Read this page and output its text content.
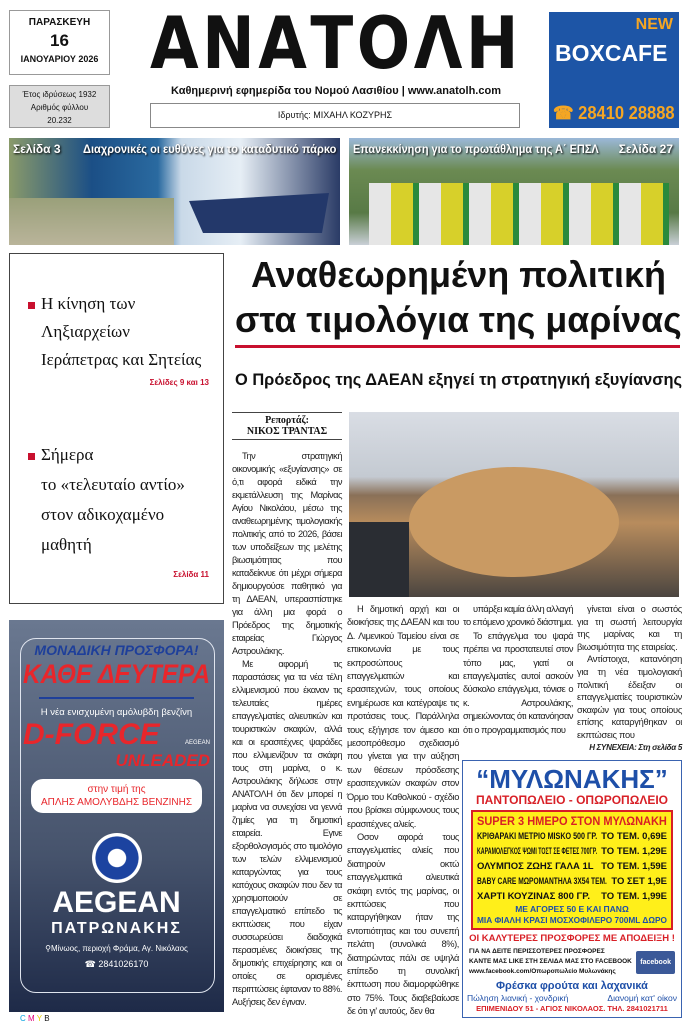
ΠΑΡΑΣΚΕΥΗ
16
ΙΑΝΟΥΑΡΙΟΥ 2026
Έτος ιδρύσεως 1932
Αριθμός φύλλου
20.232
ΑΝΑΤΟΛΗ
Καθημερινή εφημερίδα του Νομού Λασιθίου | www.anatolh.com
Ιδρυτής: ΜΙΧΑΗΛ ΚΟΖΥΡΗΣ
NEW
BOXCAFE
☎ 28410 28888
Σελίδα 3	Διαχρονικές οι ευθύνες για το καταδυτικό πάρκο Επανεκκίνηση για το πρωτάθλημα της Α΄ ΕΠΣΛ	Σελίδα 27
Η κίνηση των
Ληξιαρχείων
Ιεράπετρας και Σητείας
Σελίδες 9 και 13
Σήμερα
το «τελευταίο αντίο»
στον αδικοχαμένο
μαθητή
Σελίδα 11
Αναθεωρημένη πολιτική
στα τιμολόγια της μαρίνας
Ο Πρόεδρος της ΔΑΕΑΝ εξηγεί τη στρατηγική εξυγίανσης
Ρεπορτάζ:
ΝΙΚΟΣ ΤΡΑΝΤΑΣ

Την στρατηγική οικονομικής «εξυγίανσης» σε ό,τι αφορά ειδικά την εκμετάλλευση της Μαρίνας Αγίου Νικολάου, μέσω της αναθεωρημένης τιμολογιακής πολιτικής από το 2026, βάσει των υποδείξεων της μελέτης βιωσιμότητας που καταδείκνυε ότι μέχρι σήμερα δημιουργούσε παθητικό για τη ΔΑΕΑΝ, υπερασπίστηκε για άλλη μια φορά ο Πρόεδρος της δημοτικής εταιρείας Γιώργος Αστρουλάκης.

Με αφορμή τις παραστάσεις για τα νέα τέλη ελλιμενισμού που έκαναν τις τελευταίες ημέρες επαγγελματίες αλιευτικών και τουριστικών σκαφών, αλλά και οι ερασιτέχνες ψαράδες που ελλιμενίζουν τα σκάφη τους στη μαρίνα, ο κ. Αστρουλάκης δήλωσε στην ΑΝΑΤΟΛΗ ότι δεν μπορεί η μαρίνα να συνεχίσει να γεννά ζημίες για τη δημοτική εταιρεία. Εγινε εξορθολογισμός στο τιμολόγιο των τελών ελλιμενισμού καταργώντας για τους κατόχους σκαφών που δεν τα χρησιμοποιούν σε επαγγελματικό επίπεδο τις εκπτώσεις που είχαν συσσωρεύσει διαδοχικά περασμένες διοικήσεις της δημοτικής επιχείρησης και οι οποίες σε ορισμένες περιπτώσεις έφταναν το 88%. Αυξήσεις δεν έγιναν.

Η δημοτική αρχή και οι διοικήσεις της ΔΑΕΑΝ και του Δ. Λιμενικού Ταμείου είναι σε επικοινωνία με τους εκπροσώπους επαγγελματιών και ερασιτεχνών, τους οποίους ενημέρωσε και κατέγραψε τις προτάσεις τους. Παράλληλα τους εξήγησε τον άμεσο και μεσοπρόθεσμο σχεδιασμό που γίνεται για την αύξηση των θέσεων πρόσδεσης ερασιτεχνικών σκαφών στον Όρμο του Καθολικού - σχέδιο που βρίσκει σύμφωνους τους ερασιτέχνες αλιείς.

Οσον αφορά τους επαγγελματίες αλιείς που διατηρούν οκτώ επαγγελματικά αλιευτικά σκάφη εντός της μαρίνας, οι εκπτώσεις που καταργήθηκαν ήταν της εντοπιότητας και του συνεπή πελάτη (συνολικά 8%), διατηρώντας πάλι σε υψηλά επίπεδο τη συνολική έκπτωση που διαμορφώθηκε στο 75%. Τους διαβεβαίωσε δε ότι γι' αυτούς, δεν θα

υπάρξει καμία άλλη αλλαγή το επόμενο χρονικό διάστημα.

Το επάγγελμα του ψαρά πρέπει να προστατευτεί στον τόπο μας, γιατί οι επαγγελματίες αυτοί ασκούν δύσκολο επάγγελμα, τόνισε ο κ. Αστρουλάκης, σημειώνοντας ότι κατανόησαν ότι ο προγραμματισμός που

γίνεται είναι ο σωστός για τη σωστή λειτουργία της μαρίνας και τη βιωσιμότητα της εταιρείας.

Αντίστοιχα, κατανόηση για τη νέα τιμολογιακή πολιτική έδειξαν οι επαγγελματίες τουριστικών σκαφών για τους οποίους επίσης καταργήθηκαν οι εκπτώσεις που

Η ΣΥΝΕΧΕΙΑ: Στη σελίδα 5
ΜΟΝΑΔΙΚΗ ΠΡΟΣΦΟΡΑ!
ΚΑΘΕ ΔΕΥΤΕΡΑ
Η νέα ενισχυμένη αμόλυβδη βενζίνη
D-FORCE	AEGEAN
UNLEADED
στην τιμή της
ΑΠΛΗΣ ΑΜΟΛΥΒΔΗΣ ΒΕΝΖΙΝΗΣ
AEGEAN
ΠΑΤΡΩΝΑΚΗΣ
⚲Μίνωος, περιοχή Φράμα, Αγ. Νικόλαος
☎ 2841026170
“ΜΥΛΩΝΑΚΗΣ”
ΠΑΝΤΟΠΩΛΕΙΟ - ΟΠΩΡΟΠΩΛΕΙΟ
SUPER 3 ΗΜΕΡΟ ΣΤΟΝ ΜΥΛΩΝΑΚΗ
ΚΡΙΘΑΡΑΚΙ ΜΕΤΡΙΟ MISKO 500 ΓΡ. ΤΟ ΤΕΜ. 0,69Ε
ΚΑΡΑΜΟΛΕΓΚΟΣ ΨΩΜΙ ΤΟΣΤ ΣΕ ΦΕΤΕΣ 700ΓΡ. ΤΟ ΤΕΜ. 1,29Ε
ΟΛΥΜΠΟΣ ΖΩΗΣ ΓΑΛΑ 1L ΤΟ ΤΕΜ. 1,59Ε
BABY CARE ΜΩΡΟΜΑΝΤΗΛΑ 3Χ54 ΤΕΜ. ΤΟ ΣΕΤ 1,9Ε
ΧΑΡΤΙ ΚΟΥΖΙΝΑΣ 800 ΓΡ.	ΤΟ ΤΕΜ. 1,99Ε
ΜΕ ΑΓΟΡΕΣ 50 Ε ΚΑΙ ΠΑΝΩ
ΜΙΑ ΦΙΑΛΗ ΚΡΑΣΙ ΜΟΣΧΟΦΙΛΕΡΟ 700ML ΔΩΡΟ
ΟΙ ΚΑΛΥΤΕΡΕΣ ΠΡΟΣΦΟΡΕΣ ΜΕ ΑΠΟΔΕΙΞΗ !
ΓΙΑ ΝΑ ΔΕΙΤΕ ΠΕΡΙΣΣΟΤΕΡΕΣ ΠΡΟΣΦΟΡΕΣ
ΚΑΝΤΕ ΜΑΣ LIKE ΣΤΗ ΣΕΛΙΔΑ ΜΑΣ ΣΤΟ FACEBOOK
www.facebook.com/Οπωροπωλείο Μυλωνάκης
facebook
Φρέσκα φρούτα και λαχανικά
Πώληση λιανική - χονδρική	Διανομή κατ' οίκον
ΕΠΙΜΕΝΙΔΟΥ 51 - ΑΓΙΟΣ ΝΙΚΟΛΑΟΣ. ΤΗΛ. 2841021711
C M Y B
